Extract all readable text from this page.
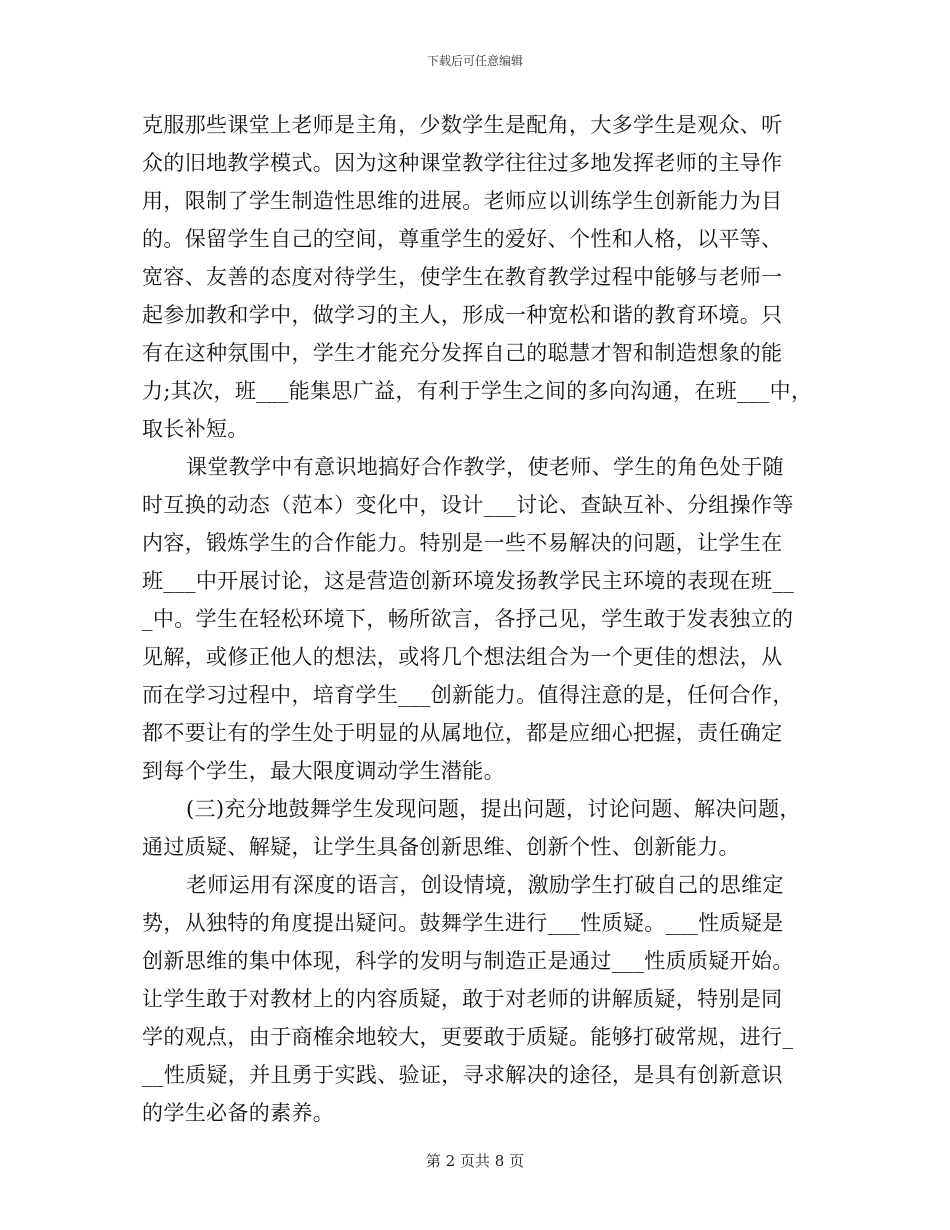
下载后可任意编辑
克服那些课堂上老师是主角，少数学生是配角，大多学生是观众、听
众的旧地教学模式。因为这种课堂教学往往过多地发挥老师的主导作
用，限制了学生制造性思维的进展。老师应以训练学生创新能力为目
的。保留学生自己的空间，尊重学生的爱好、个性和人格，以平等、
宽容、友善的态度对待学生，使学生在教育教学过程中能够与老师一
起参加教和学中，做学习的主人，形成一种宽松和谐的教育环境。只
有在这种氛围中，学生才能充分发挥自己的聪慧才智和制造想象的能
力;其次，班___能集思广益，有利于学生之间的多向沟通，在班___中，
取长补短。
课堂教学中有意识地搞好合作教学，使老师、学生的角色处于随
时互换的动态（范本）变化中，设计___讨论、查缺互补、分组操作等
内容，锻炼学生的合作能力。特别是一些不易解决的问题，让学生在
班___中开展讨论，这是营造创新环境发扬教学民主环境的表现在班__
_中。学生在轻松环境下，畅所欲言，各抒己见，学生敢于发表独立的
见解，或修正他人的想法，或将几个想法组合为一个更佳的想法，从
而在学习过程中，培育学生___创新能力。值得注意的是，任何合作，
都不要让有的学生处于明显的从属地位，都是应细心把握，责任确定
到每个学生，最大限度调动学生潜能。
(三)充分地鼓舞学生发现问题，提出问题，讨论问题、解决问题，
通过质疑、解疑，让学生具备创新思维、创新个性、创新能力。
老师运用有深度的语言，创设情境，激励学生打破自己的思维定
势，从独特的角度提出疑问。鼓舞学生进行___性质疑。___性质疑是
创新思维的集中体现，科学的发明与制造正是通过___性质质疑开始。
让学生敢于对教材上的内容质疑，敢于对老师的讲解质疑，特别是同
学的观点，由于商榷余地较大，更要敢于质疑。能够打破常规，进行_
__性质疑，并且勇于实践、验证，寻求解决的途径，是具有创新意识
的学生必备的素养。
第 2 页共 8 页
